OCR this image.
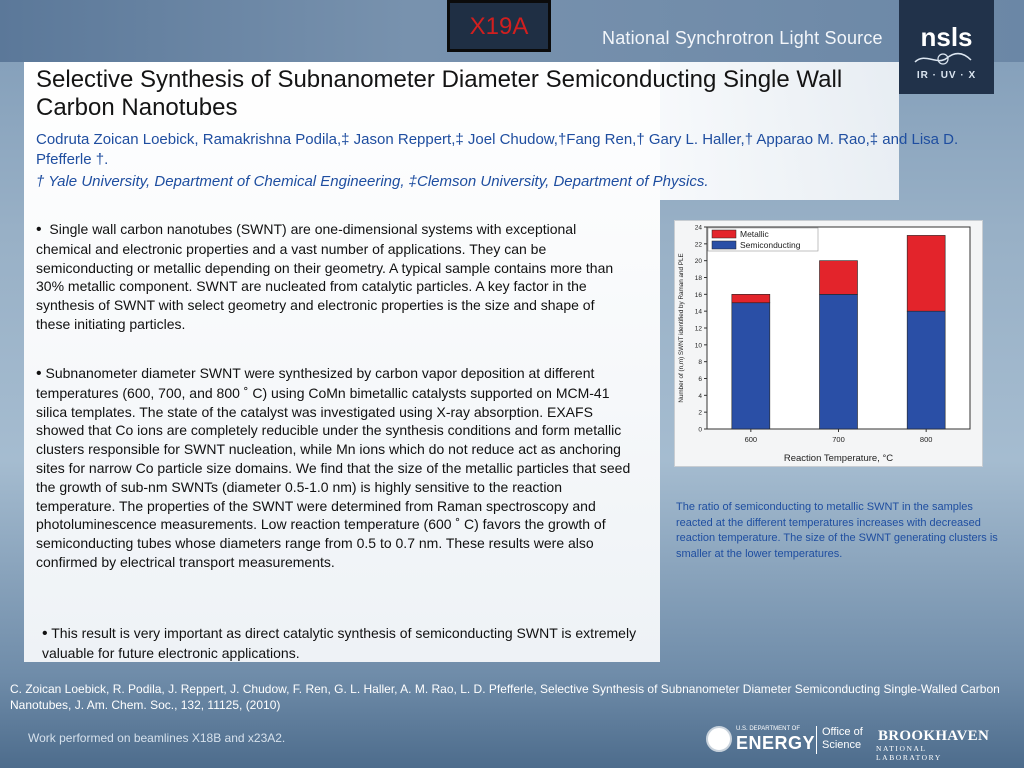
X19A	National Synchrotron Light Source	nsls
IR · UV · X
Selective Synthesis of Subnanometer Diameter Semiconducting Single Wall Carbon Nanotubes
Codruta Zoican Loebick, Ramakrishna Podila,‡ Jason Reppert,‡ Joel Chudow,†Fang Ren,† Gary L. Haller,† Apparao M. Rao,‡ and Lisa D. Pfefferle †.
† Yale University, Department of Chemical Engineering, ‡Clemson University, Department of Physics.
• Single wall carbon nanotubes (SWNT) are one-dimensional systems with exceptional chemical and electronic properties and a vast number of applications. They can be semiconducting or metallic depending on their geometry. A typical sample contains more than 30% metallic component. SWNT are nucleated from catalytic particles. A key factor in the synthesis of SWNT with select geometry and electronic properties is the size and shape of these initiating particles.
• Subnanometer diameter SWNT were synthesized by carbon vapor deposition at different temperatures (600, 700, and 800 ˚ C) using CoMn bimetallic catalysts supported on MCM-41 silica templates. The state of the catalyst was investigated using X-ray absorption. EXAFS showed that Co ions are completely reducible under the synthesis conditions and form metallic clusters responsible for SWNT nucleation, while Mn ions which do not reduce act as anchoring sites for narrow Co particle size domains. We find that the size of the metallic particles that seed the growth of sub-nm SWNTs (diameter 0.5-1.0 nm) is highly sensitive to the reaction temperature. The properties of the SWNT were determined from Raman spectroscopy and photoluminescence measurements. Low reaction temperature (600 ˚ C) favors the growth of semiconducting tubes whose diameters range from 0.5 to 0.7 nm. These results were also confirmed by electrical transport measurements.
• This result is very important as direct catalytic synthesis of semiconducting SWNT is extremely valuable for future electronic applications.
0
2
4
6
8
10
12
14
16
18
20
22
24
600	700	800
Metallic
Semiconducting
Reaction Temperature, °C
Number of (n,m) SWNT identified by Raman and PLE
The ratio of semiconducting to metallic SWNT in the samples reacted at the different temperatures increases with decreased reaction temperature. The size of the SWNT generating clusters is smaller at the lower temperatures.
C. Zoican Loebick, R. Podila, J. Reppert, J. Chudow, F. Ren, G. L. Haller, A. M. Rao, L. D. Pfefferle, Selective Synthesis of Subnanometer Diameter Semiconducting Single-Walled Carbon Nanotubes, J. Am. Chem. Soc., 132, 11125, (2010)
Work performed on beamlines X18B and x23A2.
U.S. DEPARTMENT OF
ENERGY
Office of
Science
BROOKHAVEN
NATIONAL LABORATORY
